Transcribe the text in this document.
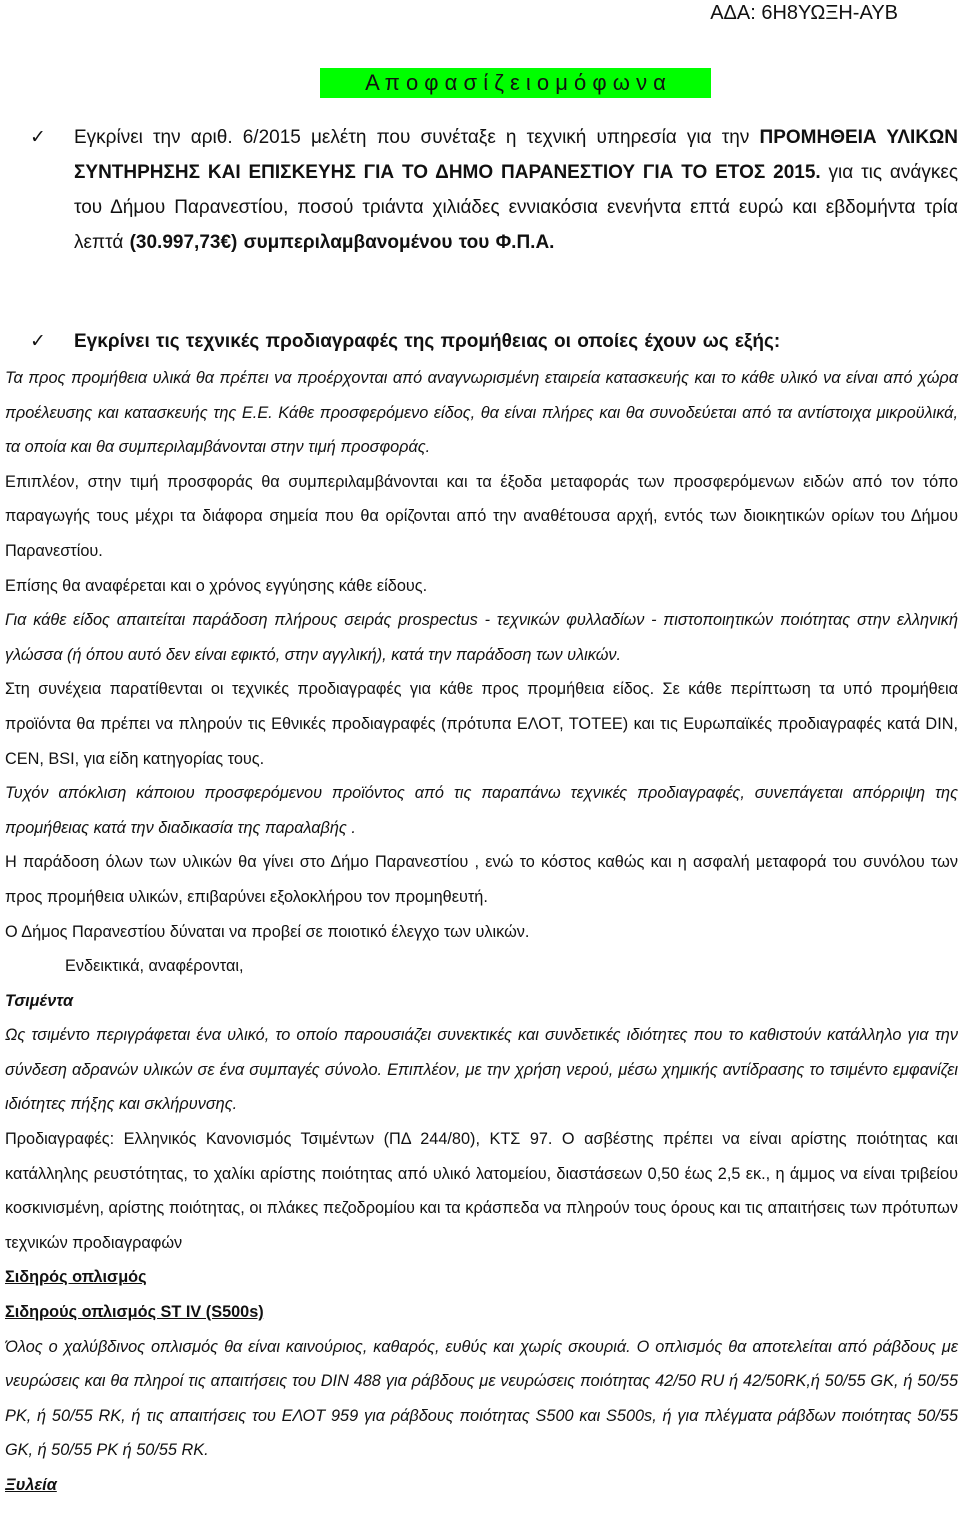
ΑΔΑ: 6Η8ΥΩΞΗ-ΑΥΒ
Α π ο φ α σ ί ζ ε ι ο μ ό φ ω ν α
✓ Εγκρίνει την αριθ. 6/2015 μελέτη που συνέταξε η τεχνική υπηρεσία για την ΠΡΟΜΗΘΕΙΑ ΥΛΙΚΩΝ ΣΥΝΤΗΡΗΣΗΣ ΚΑΙ ΕΠΙΣΚΕΥΗΣ ΓΙΑ ΤΟ ΔΗΜΟ ΠΑΡΑΝΕΣΤΙΟΥ ΓΙΑ ΤΟ ΕΤΟΣ 2015. για τις ανάγκες του Δήμου Παρανεστίου, ποσού τριάντα χιλιάδες εννιακόσια ενενήντα επτά ευρώ και εβδομήντα τρία λεπτά (30.997,73€) συμπεριλαμβανομένου του Φ.Π.Α.
✓ Εγκρίνει τις τεχνικές προδιαγραφές της προμήθειας οι οποίες έχουν ως εξής:

Τα προς προμήθεια υλικά θα πρέπει να προέρχονται από αναγνωρισμένη εταιρεία κατασκευής και το κάθε υλικό να είναι από χώρα προέλευσης και κατασκευής της Ε.Ε. Κάθε προσφερόμενο είδος, θα είναι πλήρες και θα συνοδεύεται από τα αντίστοιχα μικροϋλικά, τα οποία και θα συμπεριλαμβάνονται στην τιμή προσφοράς.

Επιπλέον, στην τιμή προσφοράς θα συμπεριλαμβάνονται και τα έξοδα μεταφοράς των προσφερόμενων ειδών από τον τόπο παραγωγής τους μέχρι τα διάφορα σημεία που θα ορίζονται από την αναθέτουσα αρχή, εντός των διοικητικών ορίων του Δήμου Παρανεστίου.

Επίσης θα αναφέρεται και ο χρόνος εγγύησης κάθε είδους.

Για κάθε είδος απαιτείται παράδοση πλήρους σειράς prospectus - τεχνικών φυλλαδίων - πιστοποιητικών ποιότητας στην ελληνική γλώσσα (ή όπου αυτό δεν είναι εφικτό, στην αγγλική), κατά την παράδοση των υλικών.

Στη συνέχεια παρατίθενται οι τεχνικές προδιαγραφές για κάθε προς προμήθεια είδος. Σε κάθε περίπτωση τα υπό προμήθεια προϊόντα θα πρέπει να πληρούν τις Εθνικές προδιαγραφές (πρότυπα ΕΛΟΤ, ΤΟΤΕΕ) και τις Ευρωπαϊκές προδιαγραφές κατά DIN, CEN, BSI, για είδη κατηγορίας τους.

Τυχόν απόκλιση κάποιου προσφερόμενου προϊόντος από τις παραπάνω τεχνικές προδιαγραφές, συνεπάγεται απόρριψη της προμήθειας κατά την διαδικασία της παραλαβής .

Η παράδοση όλων των υλικών θα γίνει στο Δήμο Παρανεστίου , ενώ το κόστος καθώς και η ασφαλή μεταφορά του συνόλου των προς προμήθεια υλικών, επιβαρύνει εξολοκλήρου τον προμηθευτή.

Ο Δήμος Παρανεστίου δύναται να προβεί σε ποιοτικό έλεγχο των υλικών.

Ενδεικτικά, αναφέρονται,

Τσιμέντα

Ως τσιμέντο περιγράφεται ένα υλικό, το οποίο παρουσιάζει συνεκτικές και συνδετικές ιδιότητες που το καθιστούν κατάλληλο για την σύνδεση αδρανών υλικών σε ένα συμπαγές σύνολο. Επιπλέον, με την χρήση νερού, μέσω χημικής αντίδρασης το τσιμέντο εμφανίζει ιδιότητες πήξης και σκλήρυνσης.

Προδιαγραφές: Ελληνικός Κανονισμός Τσιμέντων (ΠΔ 244/80), ΚΤΣ 97. Ο ασβέστης πρέπει να είναι αρίστης ποιότητας και κατάλληλης ρευστότητας, το χαλίκι αρίστης ποιότητας από υλικό λατομείου, διαστάσεων 0,50 έως 2,5 εκ., η άμμος να είναι τριβείου κοσκινισμένη, αρίστης ποιότητας, οι πλάκες πεζοδρομίου και τα κράσπεδα να πληρούν τους όρους και τις απαιτήσεις των πρότυπων τεχνικών προδιαγραφών

Σιδηρός οπλισμός

Σιδηρούς οπλισμός ST IV (S500s)

Όλος ο χαλύβδινος οπλισμός θα είναι καινούριος, καθαρός, ευθύς και χωρίς σκουριά. Ο οπλισμός θα αποτελείται από ράβδους με νευρώσεις και θα πληροί τις απαιτήσεις του DIN 488 για ράβδους με νευρώσεις ποιότητας 42/50 RU ή 42/50RK,ή 50/55 GK, ή 50/55 PK, ή 50/55 RK, ή τις απαιτήσεις του ΕΛΟΤ 959 για ράβδους ποιότητας S500 και S500s, ή για πλέγματα ράβδων ποιότητας 50/55 GK, ή 50/55 PK ή 50/55 RK.

Ξυλεία
